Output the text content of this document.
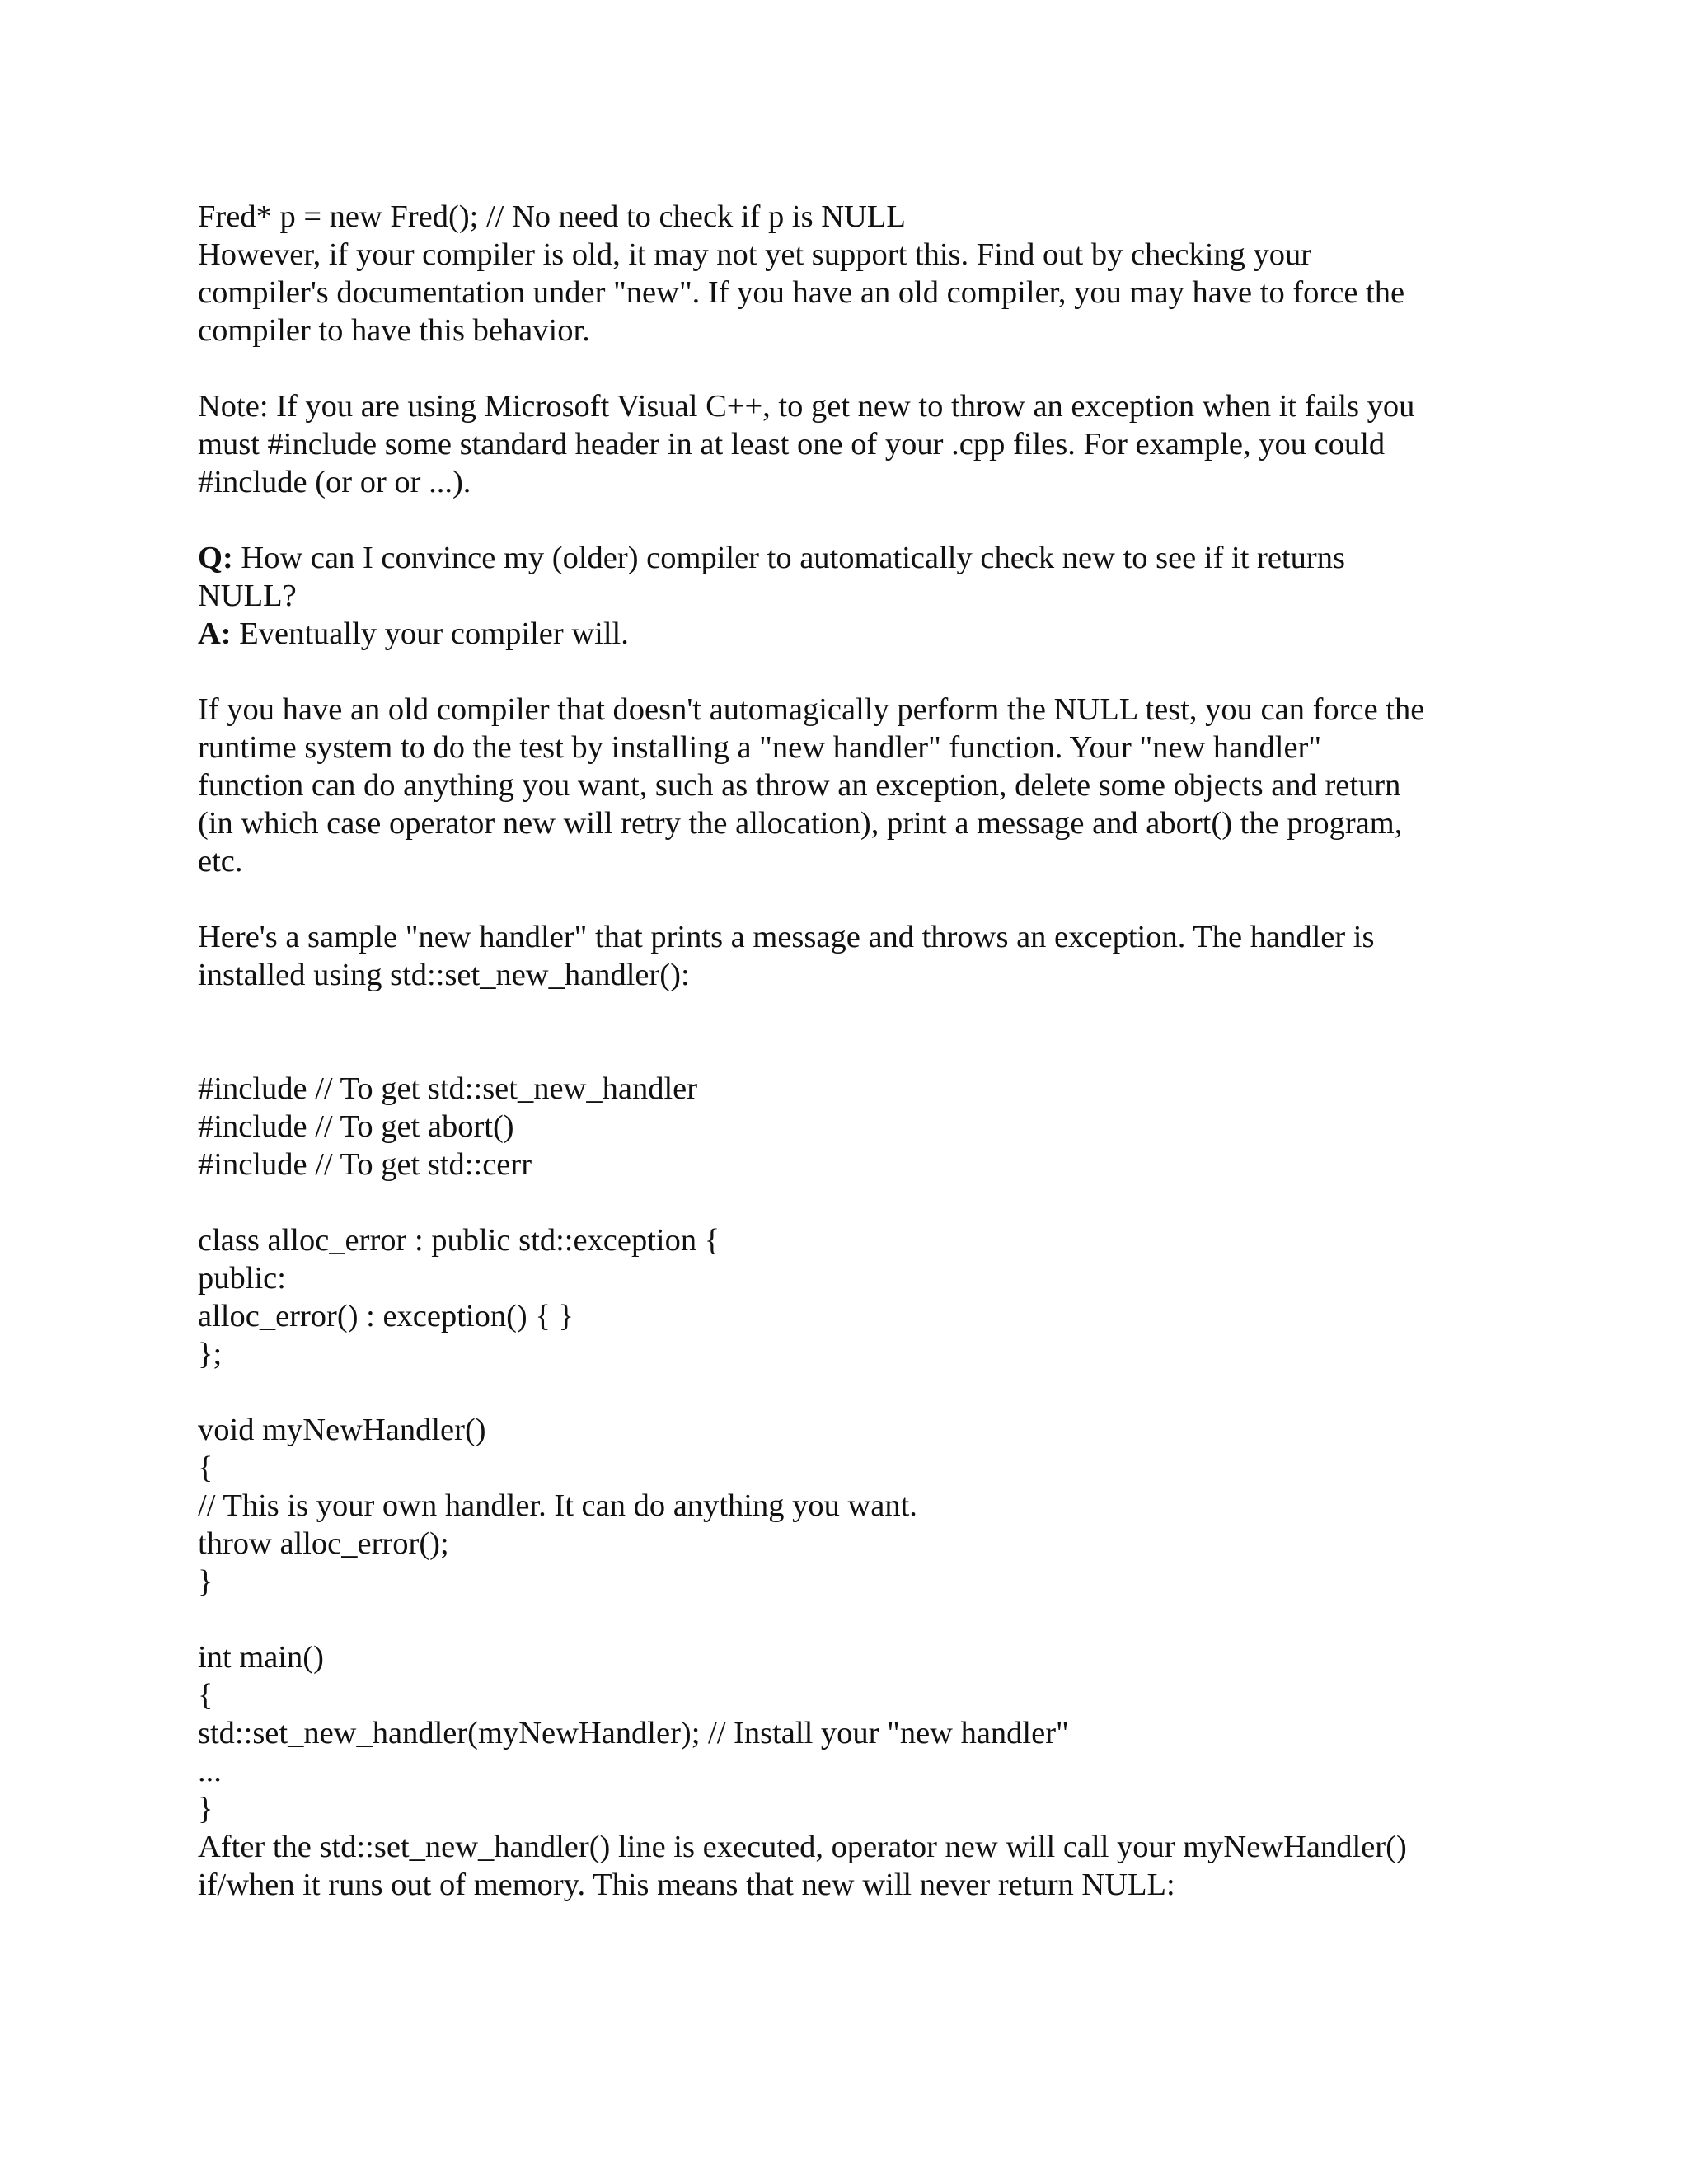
Fred* p = new Fred(); // No need to check if p is NULL
However, if your compiler is old, it may not yet support this. Find out by checking your
compiler's documentation under "new". If you have an old compiler, you may have to force the
compiler to have this behavior.
Note: If you are using Microsoft Visual C++, to get new to throw an exception when it fails you
must #include some standard header in at least one of your .cpp files. For example, you could
#include (or or or ...).
Q: How can I convince my (older) compiler to automatically check new to see if it returns
NULL?
A: Eventually your compiler will.
If you have an old compiler that doesn't automagically perform the NULL test, you can force the
runtime system to do the test by installing a "new handler" function. Your "new handler"
function can do anything you want, such as throw an exception, delete some objects and return
(in which case operator new will retry the allocation), print a message and abort() the program,
etc.
Here's a sample "new handler" that prints a message and throws an exception. The handler is
installed using std::set_new_handler():
#include // To get std::set_new_handler
#include // To get abort()
#include // To get std::cerr
class alloc_error : public std::exception {
public:
alloc_error() : exception() { }
};
void myNewHandler()
{
// This is your own handler. It can do anything you want.
throw alloc_error();
}
int main()
{
std::set_new_handler(myNewHandler); // Install your "new handler"
...
}
After the std::set_new_handler() line is executed, operator new will call your myNewHandler()
if/when it runs out of memory. This means that new will never return NULL:
